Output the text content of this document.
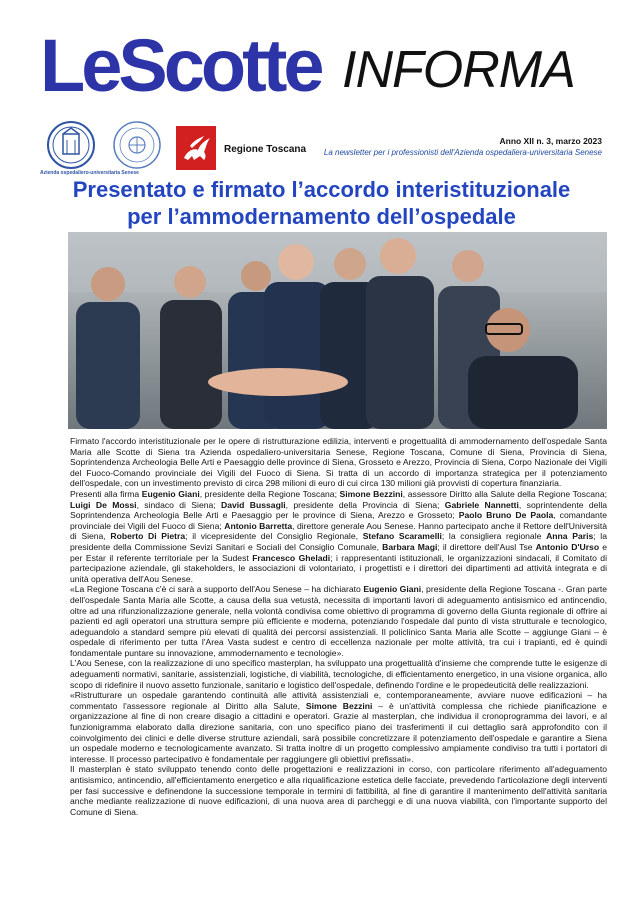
LeScotte INFORMA
Azienda ospedaliero-universitaria Senese
Regione Toscana
Anno XII n. 3, marzo 2023
La newsletter per i professionisti dell'Azienda ospedaliera-universitaria Senese
Presentato e firmato l’accordo interistituzionale
per l’ammodernamento dell’ospedale

Firmato l'accordo interistituzionale per le opere di ristrutturazione edilizia, interventi e progettualità di ammodernamento dell'ospedale Santa Maria alle Scotte di Siena tra Azienda ospedaliero-universitaria Senese, Regione Toscana, Comune di Siena, Provincia di Siena, Soprintendenza Archeologia Belle Arti e Paesaggio delle province di Siena, Grosseto e Arezzo, Provincia di Siena, Corpo Nazionale dei Vigili del Fuoco-Comando provinciale dei Vigili del Fuoco di Siena. Si tratta di un accordo di importanza strategica per il potenziamento dell'ospedale, con un investimento previsto di circa 298 milioni di euro di cui circa 130 milioni già provvisti di copertura finanziaria.

Presenti alla firma Eugenio Giani, presidente della Regione Toscana; Simone Bezzini, assessore Diritto alla Salute della Regione Toscana; Luigi De Mossi, sindaco di Siena; David Bussagli, presidente della Provincia di Siena; Gabriele Nannetti, soprintendente della Soprintendenza Archeologia Belle Arti e Paesaggio per le province di Siena, Arezzo e Grosseto; Paolo Bruno De Paola, comandante provinciale dei Vigili del Fuoco di Siena; Antonio Barretta, direttore generale Aou Senese. Hanno partecipato anche il Rettore dell'Università di Siena, Roberto Di Pietra; il vicepresidente del Consiglio Regionale, Stefano Scaramelli; la consigliera regionale Anna Paris; la presidente della Commissione Sevizi Sanitari e Sociali del Consiglio Comunale, Barbara Magi; il direttore dell'Ausl Tse Antonio D'Urso e per Estar il referente territoriale per la Sudest Francesco Gheladi; i rappresentanti istituzionali, le organizzazioni sindacali, il Comitato di partecipazione aziendale, gli stakeholders, le associazioni di volontariato, i progettisti e i direttori dei dipartimenti ad attività integrata e di unità operativa dell'Aou Senese.

«La Regione Toscana c'è ci sarà a supporto dell'Aou Senese – ha dichiarato Eugenio Giani, presidente della Regione Toscana -. Gran parte dell'ospedale Santa Maria alle Scotte, a causa della sua vetustà, necessita di importanti lavori di adeguamento antisismico ed antincendio, oltre ad una rifunzionalizzazione generale, nella volontà condivisa come obiettivo di programma di governo della Giunta regionale di offrire ai pazienti ed agli operatori una struttura sempre più efficiente e moderna, potenziando l'ospedale dal punto di vista strutturale e tecnologico, adeguandolo a standard sempre più elevati di qualità dei percorsi assistenziali. Il policlinico Santa Maria alle Scotte – aggiunge Giani – è ospedale di riferimento per tutta l'Area Vasta sudest e centro di eccellenza nazionale per molte attività, tra cui i trapianti, ed è quindi fondamentale puntare su innovazione, ammodernamento e tecnologie».

L'Aou Senese, con la realizzazione di uno specifico masterplan, ha sviluppato una progettualità d'insieme che comprende tutte le esigenze di adeguamenti normativi, sanitarie, assistenziali, logistiche, di viabilità, tecnologiche, di efficientamento energetico, in una visione organica, allo scopo di ridefinire il nuovo assetto funzionale, sanitario e logistico dell'ospedale, definendo l'ordine e le propedeuticità delle realizzazioni.

«Ristrutturare un ospedale garantendo continuità alle attività assistenziali e, contemporaneamente, avviare nuove edificazioni – ha commentato l'assessore regionale al Diritto alla Salute, Simone Bezzini – è un'attività complessa che richiede pianificazione e organizzazione al fine di non creare disagio a cittadini e operatori. Grazie al masterplan, che individua il cronoprogramma dei lavori, e al funzionigramma elaborato dalla direzione sanitaria, con uno specifico piano dei trasferimenti il cui dettaglio sarà approfondito con il coinvolgimento dei clinici e delle diverse strutture aziendali, sarà possibile concretizzare il potenziamento dell'ospedale e garantire a Siena un ospedale moderno e tecnologicamente avanzato. Si tratta inoltre di un progetto complessivo ampiamente condiviso tra tutti i portatori di interesse. Il processo partecipativo è fondamentale per raggiungere gli obiettivi prefissati».

Il masterplan è stato sviluppato tenendo conto delle progettazioni e realizzazioni in corso, con particolare riferimento all'adeguamento antisismico, antincendio, all'efficientamento energetico e alla riqualificazione estetica delle facciate, prevedendo l'articolazione degli interventi per fasi successive e definendone la successione temporale in termini di fattibilità, al fine di garantire il mantenimento dell'attività sanitaria anche mediante realizzazione di nuove edificazioni, di una nuova area di parcheggi e di una nuova viabilità, con l'importante supporto del Comune di Siena.
